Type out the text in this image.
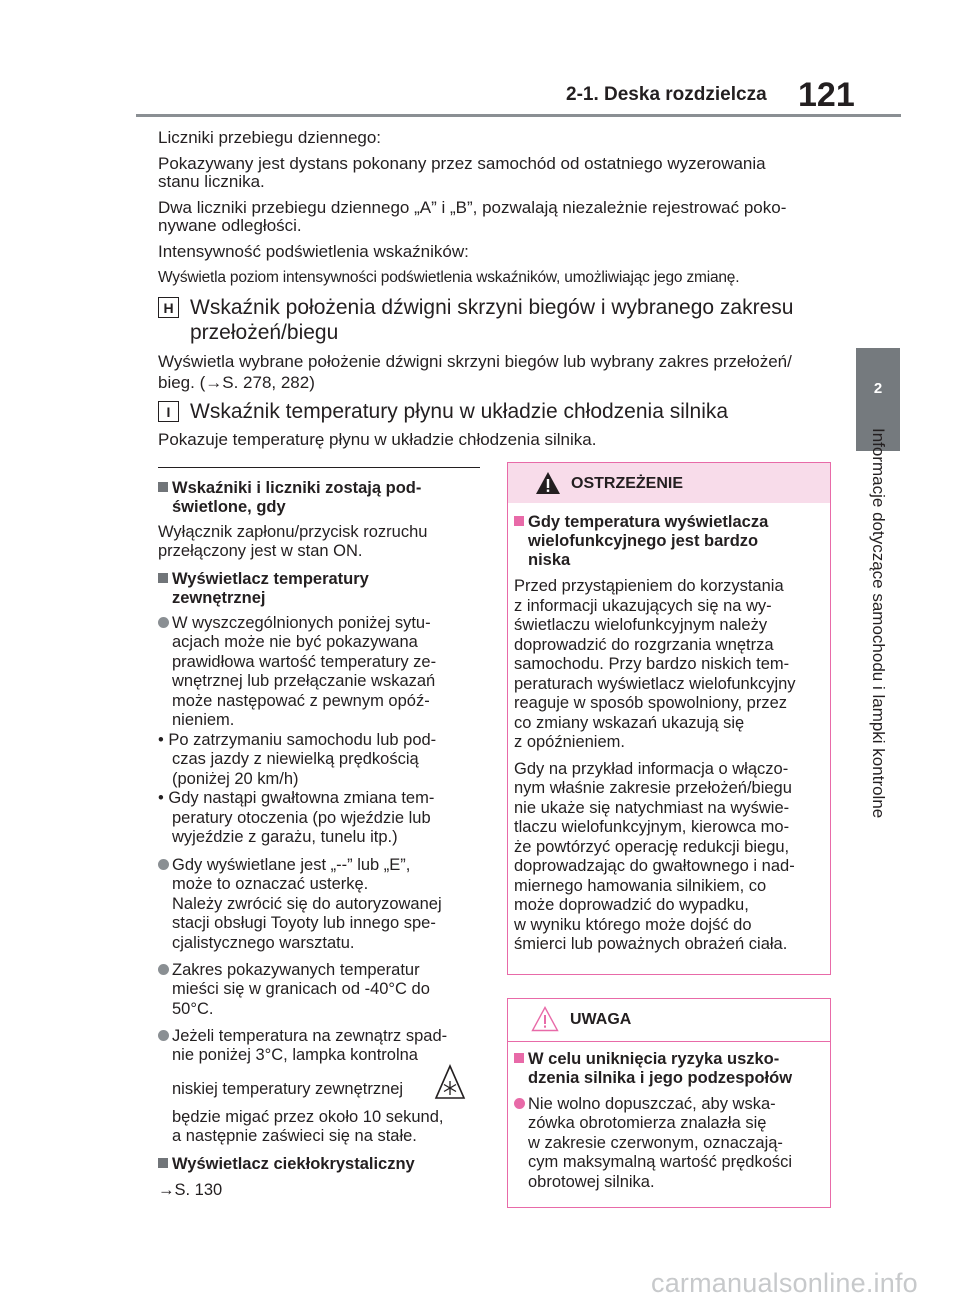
2-1. Deska rozdzielcza 121
2
Informacje dotyczące samochodu i lampki kontrolne
Liczniki przebiegu dziennego:
Pokazywany jest dystans pokonany przez samochód od ostatniego wyzerowania
stanu licznika.
Dwa liczniki przebiegu dziennego „A” i „B”, pozwalają niezależnie rejestrować poko-
nywane odległości.
Intensywność podświetlenia wskaźników:
Wyświetla poziom intensywności podświetlenia wskaźników, umożliwiając jego zmianę.
H Wskaźnik położenia dźwigni skrzyni biegów i wybranego zakresu
przełożeń/biegu
Wyświetla wybrane położenie dźwigni skrzyni biegów lub wybrany zakres przełożeń/
bieg. (→S. 278, 282)
I Wskaźnik temperatury płynu w układzie chłodzenia silnika
Pokazuje temperaturę płynu w układzie chłodzenia silnika.
Wskaźniki i liczniki zostają pod-
świetlone, gdy
Wyłącznik zapłonu/przycisk rozruchu
przełączony jest w stan ON.
Wyświetlacz temperatury
zewnętrznej
W wyszczególnionych poniżej sytu-
acjach może nie być pokazywana
prawidłowa wartość temperatury ze-
wnętrznej lub przełączanie wskazań
może następować z pewnym opóź-
nieniem.
• Po zatrzymaniu samochodu lub pod-
czas jazdy z niewielką prędkością
(poniżej 20 km/h)
• Gdy nastąpi gwałtowna zmiana tem-
peratury otoczenia (po wjeździe lub
wyjeździe z garażu, tunelu itp.)
Gdy wyświetlane jest „--” lub „E”,
może to oznaczać usterkę.
Należy zwrócić się do autoryzowanej
stacji obsługi Toyoty lub innego spe-
cjalistycznego warsztatu.
Zakres pokazywanych temperatur
mieści się w granicach od -40°C do
50°C.
Jeżeli temperatura na zewnątrz spad-
nie poniżej 3°C, lampka kontrolna
niskiej temperatury zewnętrznej
będzie migać przez około 10 sekund,
a następnie zaświeci się na stałe.
Wyświetlacz ciekłokrystaliczny
→S. 130
OSTRZEŻENIE
Gdy temperatura wyświetlacza
wielofunkcyjnego jest bardzo
niska
Przed przystąpieniem do korzystania
z informacji ukazujących się na wy-
świetlaczu wielofunkcyjnym należy
doprowadzić do rozgrzania wnętrza
samochodu. Przy bardzo niskich tem-
peraturach wyświetlacz wielofunkcyjny
reaguje w sposób spowolniony, przez
co zmiany wskazań ukazują się
z opóźnieniem.
Gdy na przykład informacja o włączo-
nym właśnie zakresie przełożeń/biegu
nie ukaże się natychmiast na wyświe-
tlaczu wielofunkcyjnym, kierowca mo-
że powtórzyć operację redukcji biegu,
doprowadzając do gwałtownego i nad-
miernego hamowania silnikiem, co
może doprowadzić do wypadku,
w wyniku którego może dojść do
śmierci lub poważnych obrażeń ciała.
UWAGA
W celu uniknięcia ryzyka uszko-
dzenia silnika i jego podzespołów
Nie wolno dopuszczać, aby wska-
zówka obrotomierza znalazła się
w zakresie czerwonym, oznaczają-
cym maksymalną wartość prędkości
obrotowej silnika.
carmanualsonline.info
